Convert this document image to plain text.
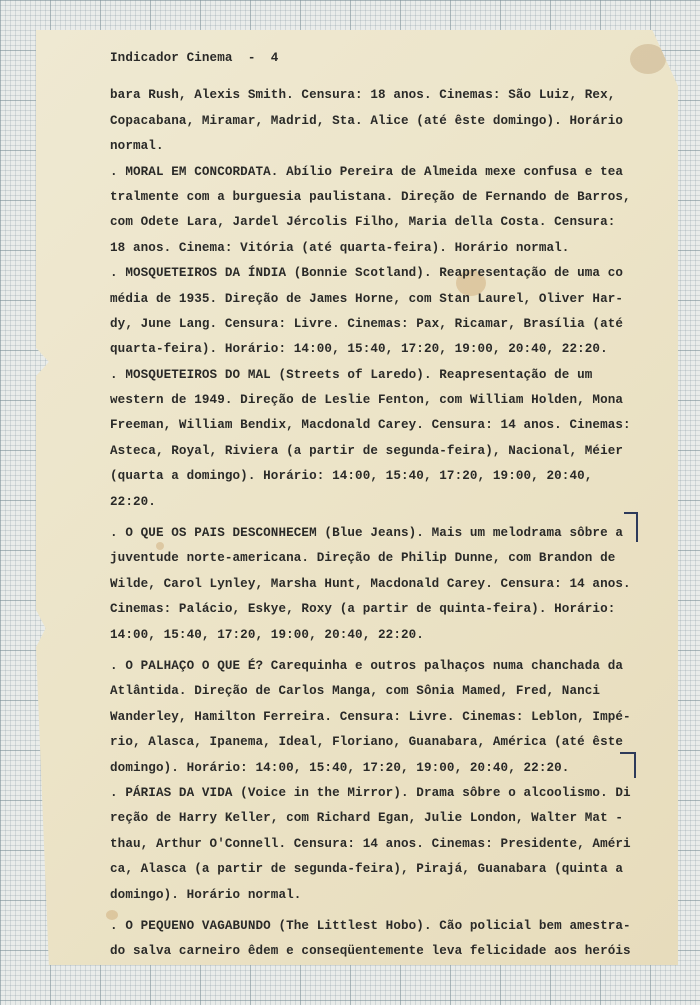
Indicador Cinema  -  4
bara Rush, Alexis Smith. Censura: 18 anos. Cinemas: São Luiz, Rex,
Copacabana, Miramar, Madrid, Sta. Alice (até êste domingo). Horário
normal.
. MORAL EM CONCORDATA. Abílio Pereira de Almeida mexe confusa e tea
tralmente com a burguesia paulistana. Direção de Fernando de Barros,
com Odete Lara, Jardel Jércolis Filho, Maria della Costa. Censura:
18 anos. Cinema: Vitória (até quarta-feira). Horário normal.
. MOSQUETEIROS DA ÍNDIA (Bonnie Scotland). Reapresentação de uma co
média de 1935. Direção de James Horne, com Stan Laurel, Oliver Har-
dy, June Lang. Censura: Livre. Cinemas: Pax, Ricamar, Brasília (até
quarta-feira). Horário: 14:00, 15:40, 17:20, 19:00, 20:40, 22:20.
. MOSQUETEIROS DO MAL (Streets of Laredo). Reapresentação de um
western de 1949. Direção de Leslie Fenton, com William Holden, Mona
Freeman, William Bendix, Macdonald Carey. Censura: 14 anos. Cinemas:
Asteca, Royal, Riviera (a partir de segunda-feira), Nacional, Méier
(quarta a domingo). Horário: 14:00, 15:40, 17:20, 19:00, 20:40,
22:20.
. O QUE OS PAIS DESCONHECEM (Blue Jeans). Mais um melodrama sôbre a
juventude norte-americana. Direção de Philip Dunne, com Brandon de
Wilde, Carol Lynley, Marsha Hunt, Macdonald Carey. Censura: 14 anos.
Cinemas: Palácio, Eskye, Roxy (a partir de quinta-feira). Horário:
14:00, 15:40, 17:20, 19:00, 20:40, 22:20.
. O PALHAÇO O QUE É? Carequinha e outros palhaços numa chanchada da
Atlântida. Direção de Carlos Manga, com Sônia Mamed, Fred, Nanci
Wanderley, Hamilton Ferreira. Censura: Livre. Cinemas: Leblon, Impé-
rio, Alasca, Ipanema, Ideal, Floriano, Guanabara, América (até êste
domingo). Horário: 14:00, 15:40, 17:20, 19:00, 20:40, 22:20.
. PÁRIAS DA VIDA (Voice in the Mirror). Drama sôbre o alcoolismo. Di
reção de Harry Keller, com Richard Egan, Julie London, Walter Mat -
thau, Arthur O'Connell. Censura: 14 anos. Cinemas: Presidente, Améri
ca, Alasca (a partir de segunda-feira), Pirajá, Guanabara (quinta a
domingo). Horário normal.
. O PEQUENO VAGABUNDO (The Littlest Hobo). Cão policial bem amestra-
do salva carneiro êdem e conseqüentemente leva felicidade aos heróis
